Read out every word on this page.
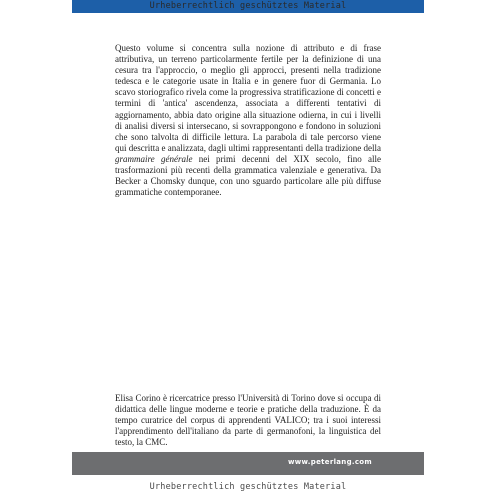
Urheberrechtlich geschütztes Material

Questo volume si concentra sulla nozione di attributo e di frase attributiva, un terreno particolarmente fertile per la definizione di una cesura tra l'approccio, o meglio gli approcci, presenti nella tradizione tedesca e le categorie usate in Italia e in genere fuor di Germania. Lo scavo storiografico rivela come la progressiva stratificazione di concetti e termini di 'antica' ascendenza, associata a differenti tentativi di aggiornamento, abbia dato origine alla situazione odierna, in cui i livelli di analisi diversi si intersecano, si sovrappongono e fondono in soluzioni che sono talvolta di difficile lettura. La parabola di tale percorso viene qui descritta e analizzata, dagli ultimi rappresentanti della tradizione della grammaire générale nei primi decenni del XIX secolo, fino alle trasformazioni più recenti della grammatica valenziale e generativa. Da Becker a Chomsky dunque, con uno sguardo particolare alle più diffuse grammatiche contemporanee.

Elisa Corino è ricercatrice presso l'Università di Torino dove si occupa di didattica delle lingue moderne e teorie e pratiche della traduzione. È da tempo curatrice del corpus di apprendenti VALICO; tra i suoi interessi l'apprendimento dell'italiano da parte di germanofoni, la linguistica del testo, la CMC.

www.peterlang.com
Urheberrechtlich geschütztes Material
